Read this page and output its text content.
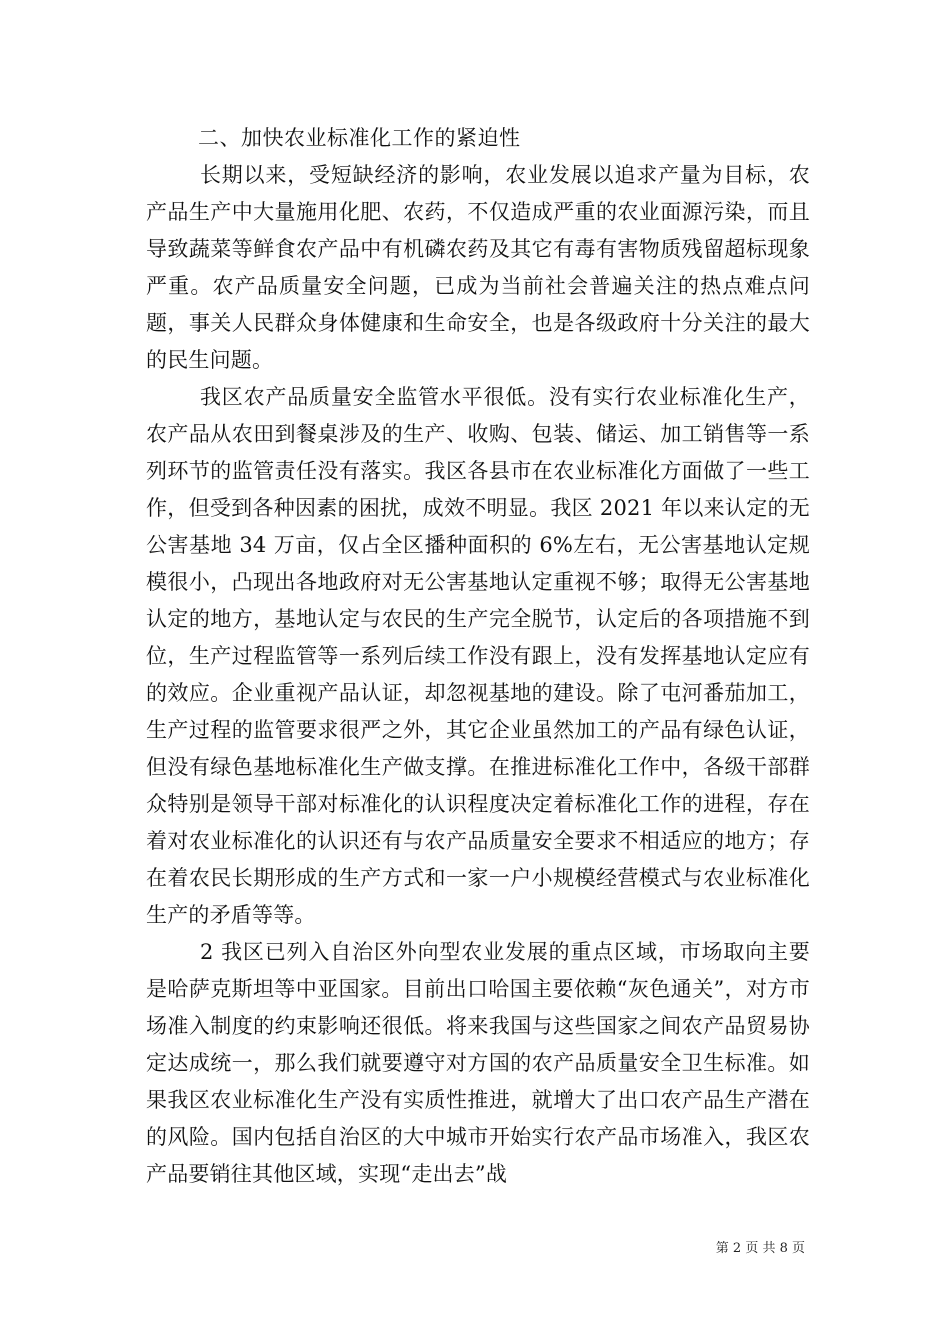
二、加快农业标准化工作的紧迫性

长期以来，受短缺经济的影响，农业发展以追求产量为目标，农产品生产中大量施用化肥、农药，不仅造成严重的农业面源污染，而且导致蔬菜等鲜食农产品中有机磷农药及其它有毒有害物质残留超标现象严重。农产品质量安全问题，已成为当前社会普遍关注的热点难点问题，事关人民群众身体健康和生命安全，也是各级政府十分关注的最大的民生问题。

我区农产品质量安全监管水平很低。没有实行农业标准化生产，农产品从农田到餐桌涉及的生产、收购、包装、储运、加工销售等一系列环节的监管责任没有落实。我区各县市在农业标准化方面做了一些工作，但受到各种因素的困扰，成效不明显。我区 2021 年以来认定的无公害基地 34 万亩，仅占全区播种面积的 6%左右，无公害基地认定规模很小，凸现出各地政府对无公害基地认定重视不够；取得无公害基地认定的地方，基地认定与农民的生产完全脱节，认定后的各项措施不到位，生产过程监管等一系列后续工作没有跟上，没有发挥基地认定应有的效应。企业重视产品认证，却忽视基地的建设。除了屯河番茄加工，生产过程的监管要求很严之外，其它企业虽然加工的产品有绿色认证，但没有绿色基地标准化生产做支撑。在推进标准化工作中，各级干部群众特别是领导干部对标准化的认识程度决定着标准化工作的进程，存在着对农业标准化的认识还有与农产品质量安全要求不相适应的地方；存在着农民长期形成的生产方式和一家一户小规模经营模式与农业标准化生产的矛盾等等。

2 我区已列入自治区外向型农业发展的重点区域，市场取向主要是哈萨克斯坦等中亚国家。目前出口哈国主要依赖“灰色通关”，对方市场准入制度的约束影响还很低。将来我国与这些国家之间农产品贸易协定达成统一，那么我们就要遵守对方国的农产品质量安全卫生标准。如果我区农业标准化生产没有实质性推进，就增大了出口农产品生产潜在的风险。国内包括自治区的大中城市开始实行农产品市场准入，我区农产品要销往其他区域，实现“走出去”战

第 2 页 共 8 页
